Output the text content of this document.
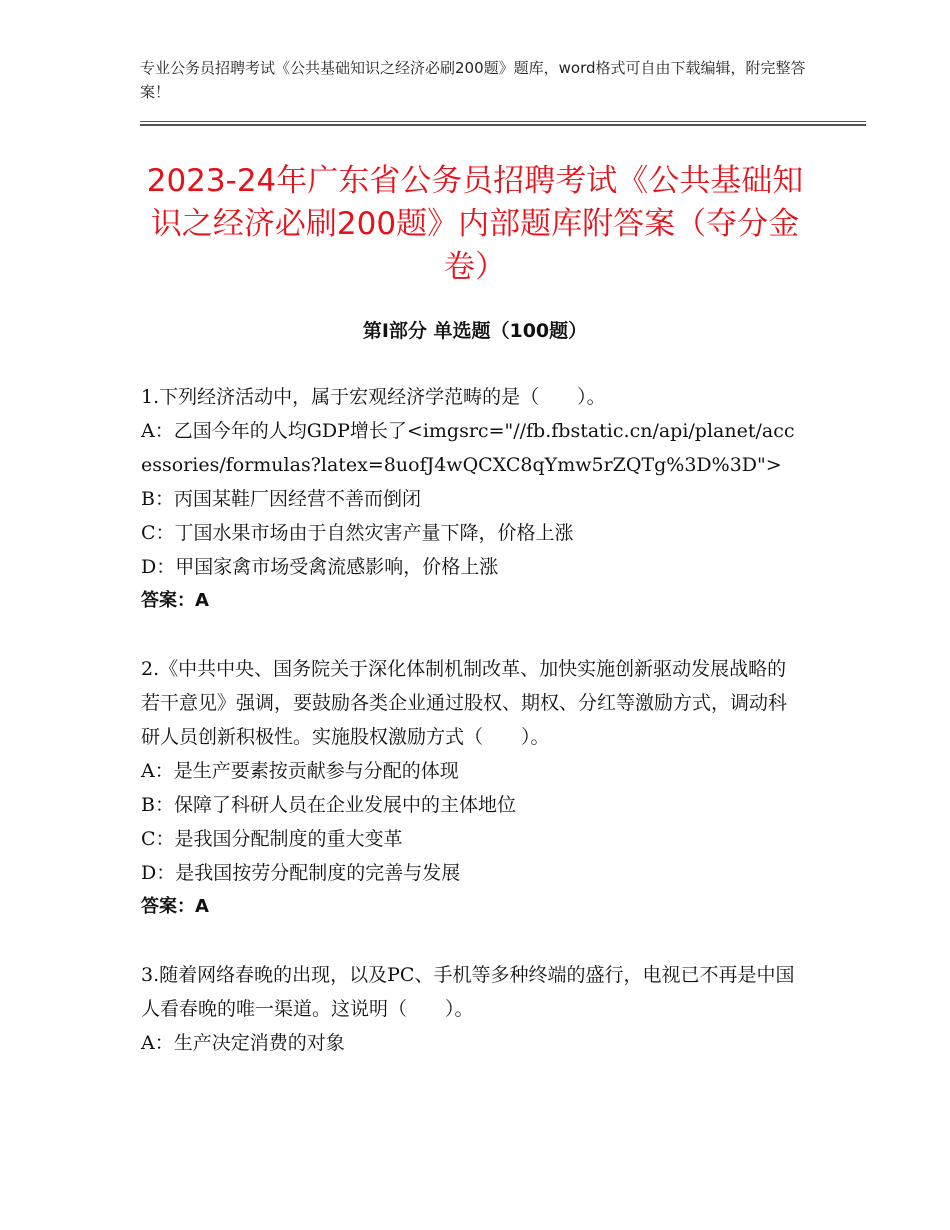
专业公务员招聘考试《公共基础知识之经济必刷200题》题库，word格式可自由下载编辑，附完整答案！
2023-24年广东省公务员招聘考试《公共基础知识之经济必刷200题》内部题库附答案（夺分金卷）
第Ⅰ部分 单选题（100题）

1.下列经济活动中，属于宏观经济学范畴的是（　　）。

A：乙国今年的人均GDP增长了<imgsrc="//fb.fbstatic.cn/api/planet/accessories/formulas?latex=8uofJ4wQCXC8qYmw5rZQTg%3D%3D">

B：丙国某鞋厂因经营不善而倒闭

C：丁国水果市场由于自然灾害产量下降，价格上涨

D：甲国家禽市场受禽流感影响，价格上涨

答案：A

2.《中共中央、国务院关于深化体制机制改革、加快实施创新驱动发展战略的若干意见》强调，要鼓励各类企业通过股权、期权、分红等激励方式，调动科研人员创新积极性。实施股权激励方式（　　）。

A：是生产要素按贡献参与分配的体现

B：保障了科研人员在企业发展中的主体地位

C：是我国分配制度的重大变革

D：是我国按劳分配制度的完善与发展

答案：A

3.随着网络春晚的出现，以及PC、手机等多种终端的盛行，电视已不再是中国人看春晚的唯一渠道。这说明（　　）。

A：生产决定消费的对象
